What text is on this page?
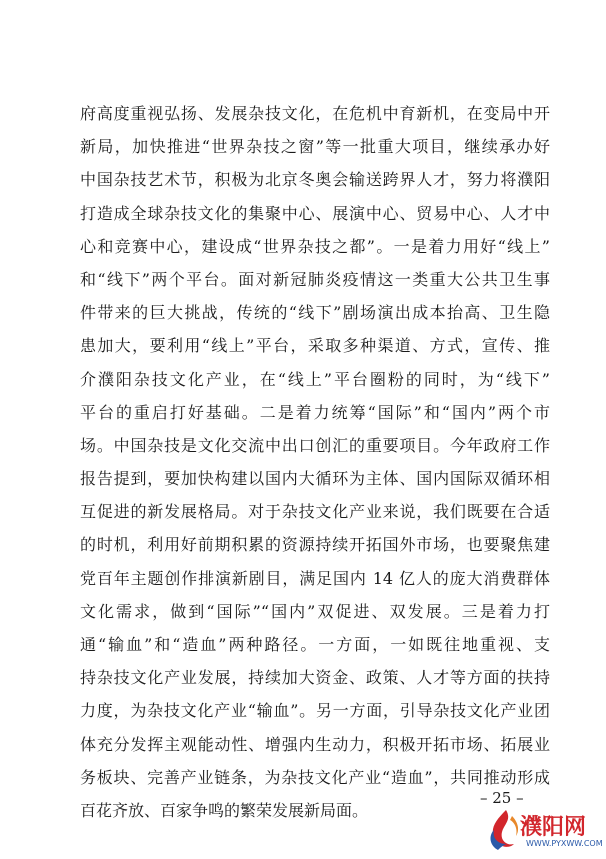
府高度重视弘扬、发展杂技文化，在危机中育新机，在变局中开
新局，加快推进“世界杂技之窗”等一批重大项目，继续承办好
中国杂技艺术节，积极为北京冬奥会输送跨界人才，努力将濮阳
打造成全球杂技文化的集聚中心、展演中心、贸易中心、人才中
心和竞赛中心，建设成“世界杂技之都”。一是着力用好“线上”
和“线下”两个平台。面对新冠肺炎疫情这一类重大公共卫生事
件带来的巨大挑战，传统的“线下”剧场演出成本抬高、卫生隐
患加大，要利用“线上”平台，采取多种渠道、方式，宣传、推
介濮阳杂技文化产业，在“线上”平台圈粉的同时，为“线下”
平台的重启打好基础。二是着力统筹“国际”和“国内”两个市
场。中国杂技是文化交流中出口创汇的重要项目。今年政府工作
报告提到，要加快构建以国内大循环为主体、国内国际双循环相
互促进的新发展格局。对于杂技文化产业来说，我们既要在合适
的时机，利用好前期积累的资源持续开拓国外市场，也要聚焦建
党百年主题创作排演新剧目，满足国内 14 亿人的庞大消费群体
文化需求，做到“国际”“国内”双促进、双发展。三是着力打
通“输血”和“造血”两种路径。一方面，一如既往地重视、支
持杂技文化产业发展，持续加大资金、政策、人才等方面的扶持
力度，为杂技文化产业“输血”。另一方面，引导杂技文化产业团
体充分发挥主观能动性、增强内生动力，积极开拓市场、拓展业
务板块、完善产业链条，为杂技文化产业“造血”，共同推动形成
百花齐放、百家争鸣的繁荣发展新局面。
– 25 –
濮阳网
WWW.PYXWW.COM
